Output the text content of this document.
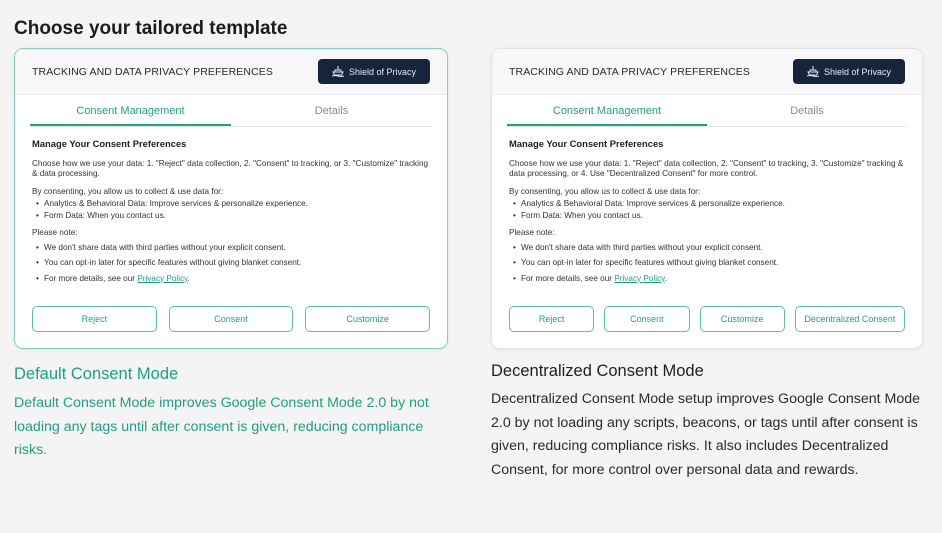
Choose your tailored template
TRACKING AND DATA PRIVACY PREFERENCES	Shield of Privacy
Consent Management	Details
Manage Your Consent Preferences
Choose how we use your data: 1. "Reject" data collection, 2. "Consent" to tracking, or 3. "Customize" tracking & data processing.
By consenting, you allow us to collect & use data for:
• Analytics & Behavioral Data: Improve services & personalize experience.
• Form Data: When you contact us.
Please note:
• We don't share data with third parties without your explicit consent.
• You can opt-in later for specific features without giving blanket consent.
• For more details, see our Privacy Policy.
Reject	Consent	Customize
Default Consent Mode
Default Consent Mode improves Google Consent Mode 2.0 by not loading any tags until after consent is given, reducing compliance risks.
TRACKING AND DATA PRIVACY PREFERENCES	Shield of Privacy
Consent Management	Details
Manage Your Consent Preferences
Choose how we use your data: 1. "Reject" data collection, 2. "Consent" to tracking, 3. "Customize" tracking & data processing, or 4. Use "Decentralized Consent" for more control.
By consenting, you allow us to collect & use data for:
• Analytics & Behavioral Data: Improve services & personalize experience.
• Form Data: When you contact us.
Please note:
• We don't share data with third parties without your explicit consent.
• You can opt-in later for specific features without giving blanket consent.
• For more details, see our Privacy Policy.
Reject	Consent	Customize	Decentralized Consent
Decentralized Consent Mode
Decentralized Consent Mode setup improves Google Consent Mode 2.0 by not loading any scripts, beacons, or tags until after consent is given, reducing compliance risks. It also includes Decentralized Consent, for more control over personal data and rewards.
